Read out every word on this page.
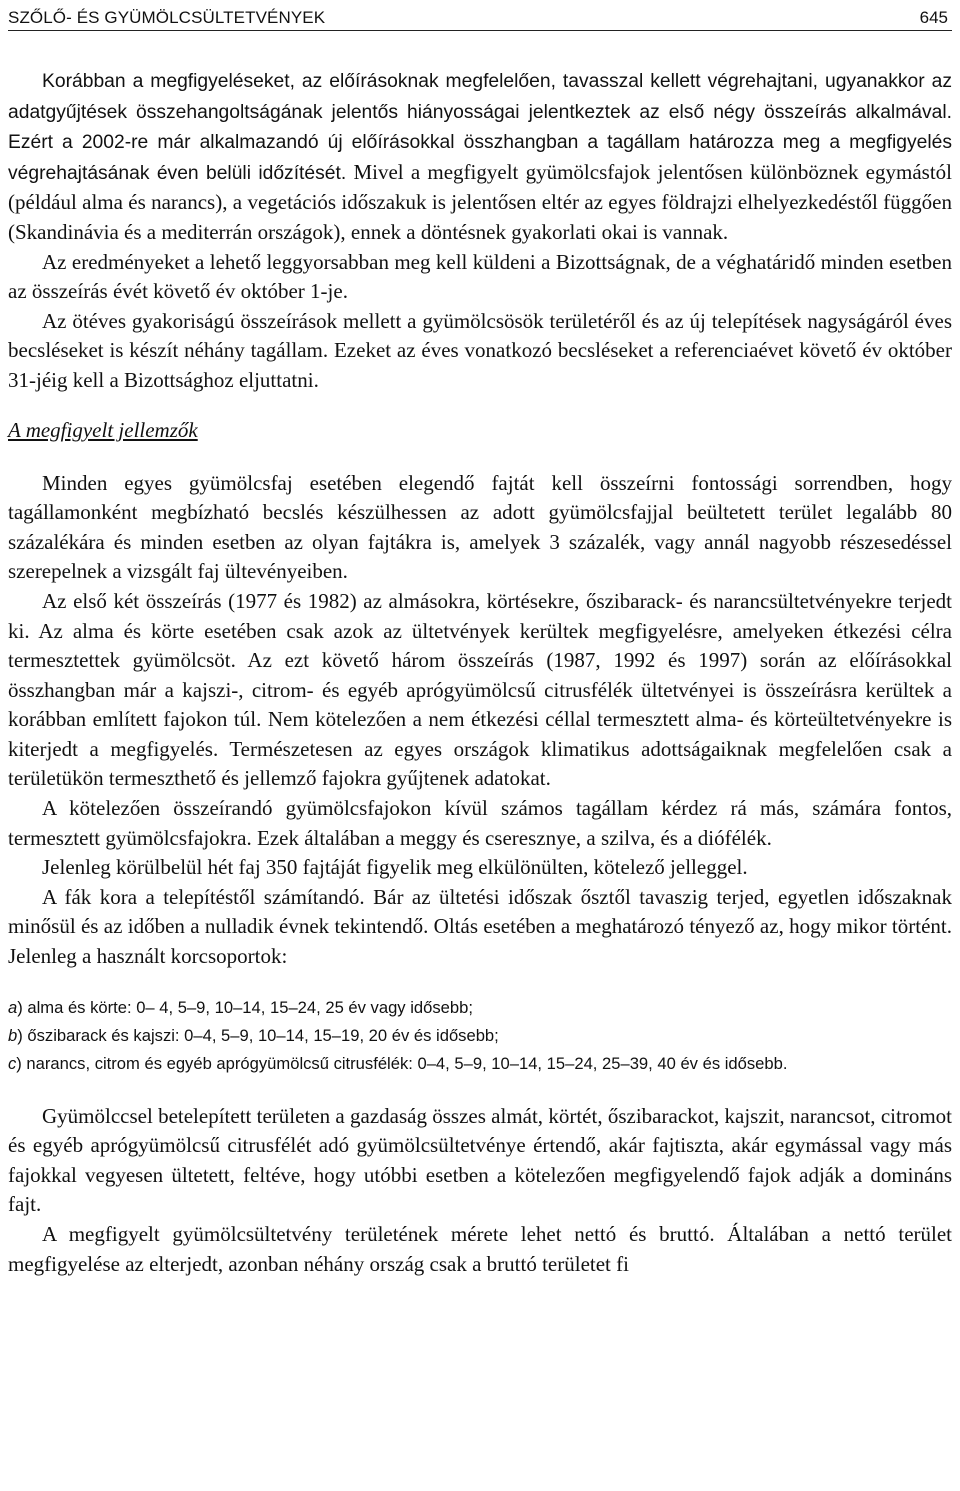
SZŐLŐ- ÉS GYÜMÖLCSÜLTETVÉNYEK	645

Korábban a megfigyeléseket, az előírásoknak megfelelően, tavasszal kellett végrehajtani, ugyanakkor az adatgyűjtések összehangoltságának jelentős hiányosságai jelentkeztek az első négy összeírás alkalmával. Ezért a 2002-re már alkalmazandó új előírásokkal összhangban a tagállam határozza meg a megfigyelés végrehajtásának éven belüli időzítését. Mivel a megfigyelt gyümölcsfajok jelentősen különböznek egymástól (például alma és narancs), a vegetációs időszakuk is jelentősen eltér az egyes földrajzi elhelyezkedéstől függően (Skandinávia és a mediterrán országok), ennek a döntésnek gyakorlati okai is vannak.

Az eredményeket a lehető leggyorsabban meg kell küldeni a Bizottságnak, de a véghatáridő minden esetben az összeírás évét követő év október 1-je.

Az ötéves gyakoriságú összeírások mellett a gyümölcsösök területéről és az új telepítések nagyságáról éves becsléseket is készít néhány tagállam. Ezeket az éves vonatkozó becsléseket a referenciaévet követő év október 31-jéig kell a Bizottsághoz eljuttatni.

A megfigyelt jellemzők

Minden egyes gyümölcsfaj esetében elegendő fajtát kell összeírni fontossági sorrendben, hogy tagállamonként megbízható becslés készülhessen az adott gyümölcsfajjal beültetett terület legalább 80 százalékára és minden esetben az olyan fajtákra is, amelyek 3 százalék, vagy annál nagyobb részesedéssel szerepelnek a vizsgált faj ültevényeiben.

Az első két összeírás (1977 és 1982) az almásokra, körtésekre, őszibarack- és narancsültetvényekre terjedt ki. Az alma és körte esetében csak azok az ültetvények kerültek megfigyelésre, amelyeken étkezési célra termesztettek gyümölcsöt. Az ezt követő három összeírás (1987, 1992 és 1997) során az előírásokkal összhangban már a kajszi-, citrom- és egyéb aprógyümölcsű citrusfélék ültetvényei is összeírásra kerültek a korábban említett fajokon túl. Nem kötelezően a nem étkezési céllal termesztett alma- és körteültetvényekre is kiterjedt a megfigyelés. Természetesen az egyes országok klimatikus adottságaiknak megfelelően csak a területükön termeszthető és jellemző fajokra gyűjtenek adatokat.

A kötelezően összeírandó gyümölcsfajokon kívül számos tagállam kérdez rá más, számára fontos, termesztett gyümölcsfajokra. Ezek általában a meggy és cseresznye, a szilva, és a diófélék.

Jelenleg körülbelül hét faj 350 fajtáját figyelik meg elkülönülten, kötelező jelleggel.

A fák kora a telepítéstől számítandó. Bár az ültetési időszak ősztől tavaszig terjed, egyetlen időszaknak minősül és az időben a nulladik évnek tekintendő. Oltás esetében a meghatározó tényező az, hogy mikor történt. Jelenleg a használt korcsoportok:

a) alma és körte: 0– 4, 5–9, 10–14, 15–24, 25 év vagy idősebb;
b) őszibarack és kajszi: 0–4, 5–9, 10–14, 15–19, 20 év és idősebb;
c) narancs, citrom és egyéb aprógyümölcsű citrusfélék: 0–4, 5–9, 10–14, 15–24, 25–39, 40 év és idősebb.

Gyümölccsel betelepített területen a gazdaság összes almát, körtét, őszibarackot, kajszit, narancsot, citromot és egyéb aprógyümölcsű citrusfélét adó gyümölcsültetvénye értendő, akár fajtiszta, akár egymással vagy más fajokkal vegyesen ültetett, feltéve, hogy utóbbi esetben a kötelezően megfigyelendő fajok adják a domináns fajt.

A megfigyelt gyümölcsültetvény területének mérete lehet nettó és bruttó. Általában a nettó terület megfigyelése az elterjedt, azonban néhány ország csak a bruttó területet fi
